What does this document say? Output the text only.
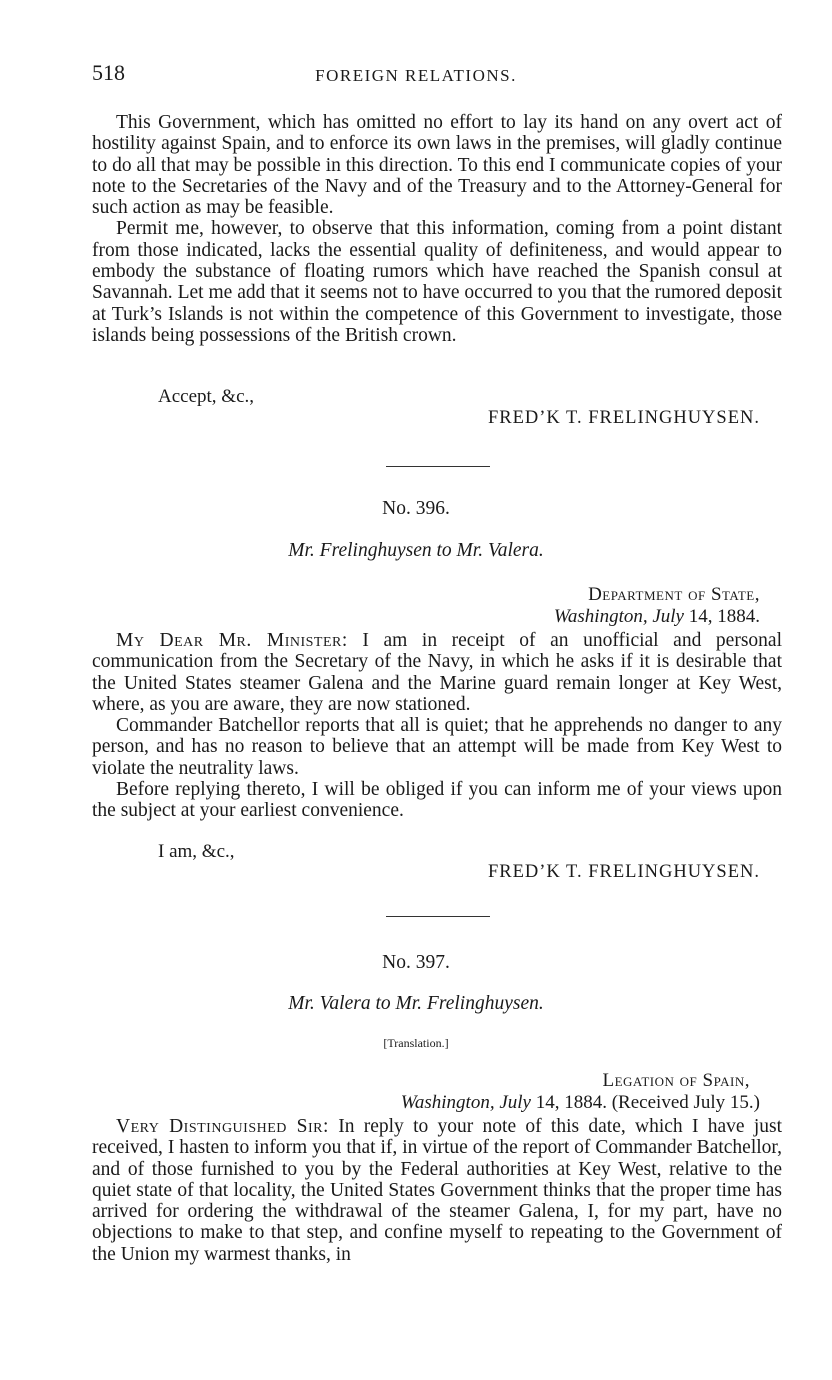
518	FOREIGN RELATIONS.

This Government, which has omitted no effort to lay its hand on any overt act of hostility against Spain, and to enforce its own laws in the premises, will gladly continue to do all that may be possible in this direction. To this end I communicate copies of your note to the Secretaries of the Navy and of the Treasury and to the Attorney-General for such action as may be feasible.

Permit me, however, to observe that this information, coming from a point distant from those indicated, lacks the essential quality of definiteness, and would appear to embody the substance of floating rumors which have reached the Spanish consul at Savannah. Let me add that it seems not to have occurred to you that the rumored deposit at Turk’s Islands is not within the competence of this Government to investigate, those islands being possessions of the British crown.

Accept, &c.,
FRED’K T. FRELINGHUYSEN.
No. 396.
Mr. Frelinghuysen to Mr. Valera.
Department of State,
Washington, July 14, 1884.

My Dear Mr. Minister: I am in receipt of an unofficial and personal communication from the Secretary of the Navy, in which he asks if it is desirable that the United States steamer Galena and the Marine guard remain longer at Key West, where, as you are aware, they are now stationed.

Commander Batchellor reports that all is quiet; that he apprehends no danger to any person, and has no reason to believe that an attempt will be made from Key West to violate the neutrality laws.

Before replying thereto, I will be obliged if you can inform me of your views upon the subject at your earliest convenience.

I am, &c.,
FRED’K T. FRELINGHUYSEN.
No. 397.
Mr. Valera to Mr. Frelinghuysen.
[Translation.]
Legation of Spain,
Washington, July 14, 1884. (Received July 15.)

Very Distinguished Sir: In reply to your note of this date, which I have just received, I hasten to inform you that if, in virtue of the report of Commander Batchellor, and of those furnished to you by the Federal authorities at Key West, relative to the quiet state of that locality, the United States Government thinks that the proper time has arrived for ordering the withdrawal of the steamer Galena, I, for my part, have no objections to make to that step, and confine myself to repeating to the Government of the Union my warmest thanks, in
